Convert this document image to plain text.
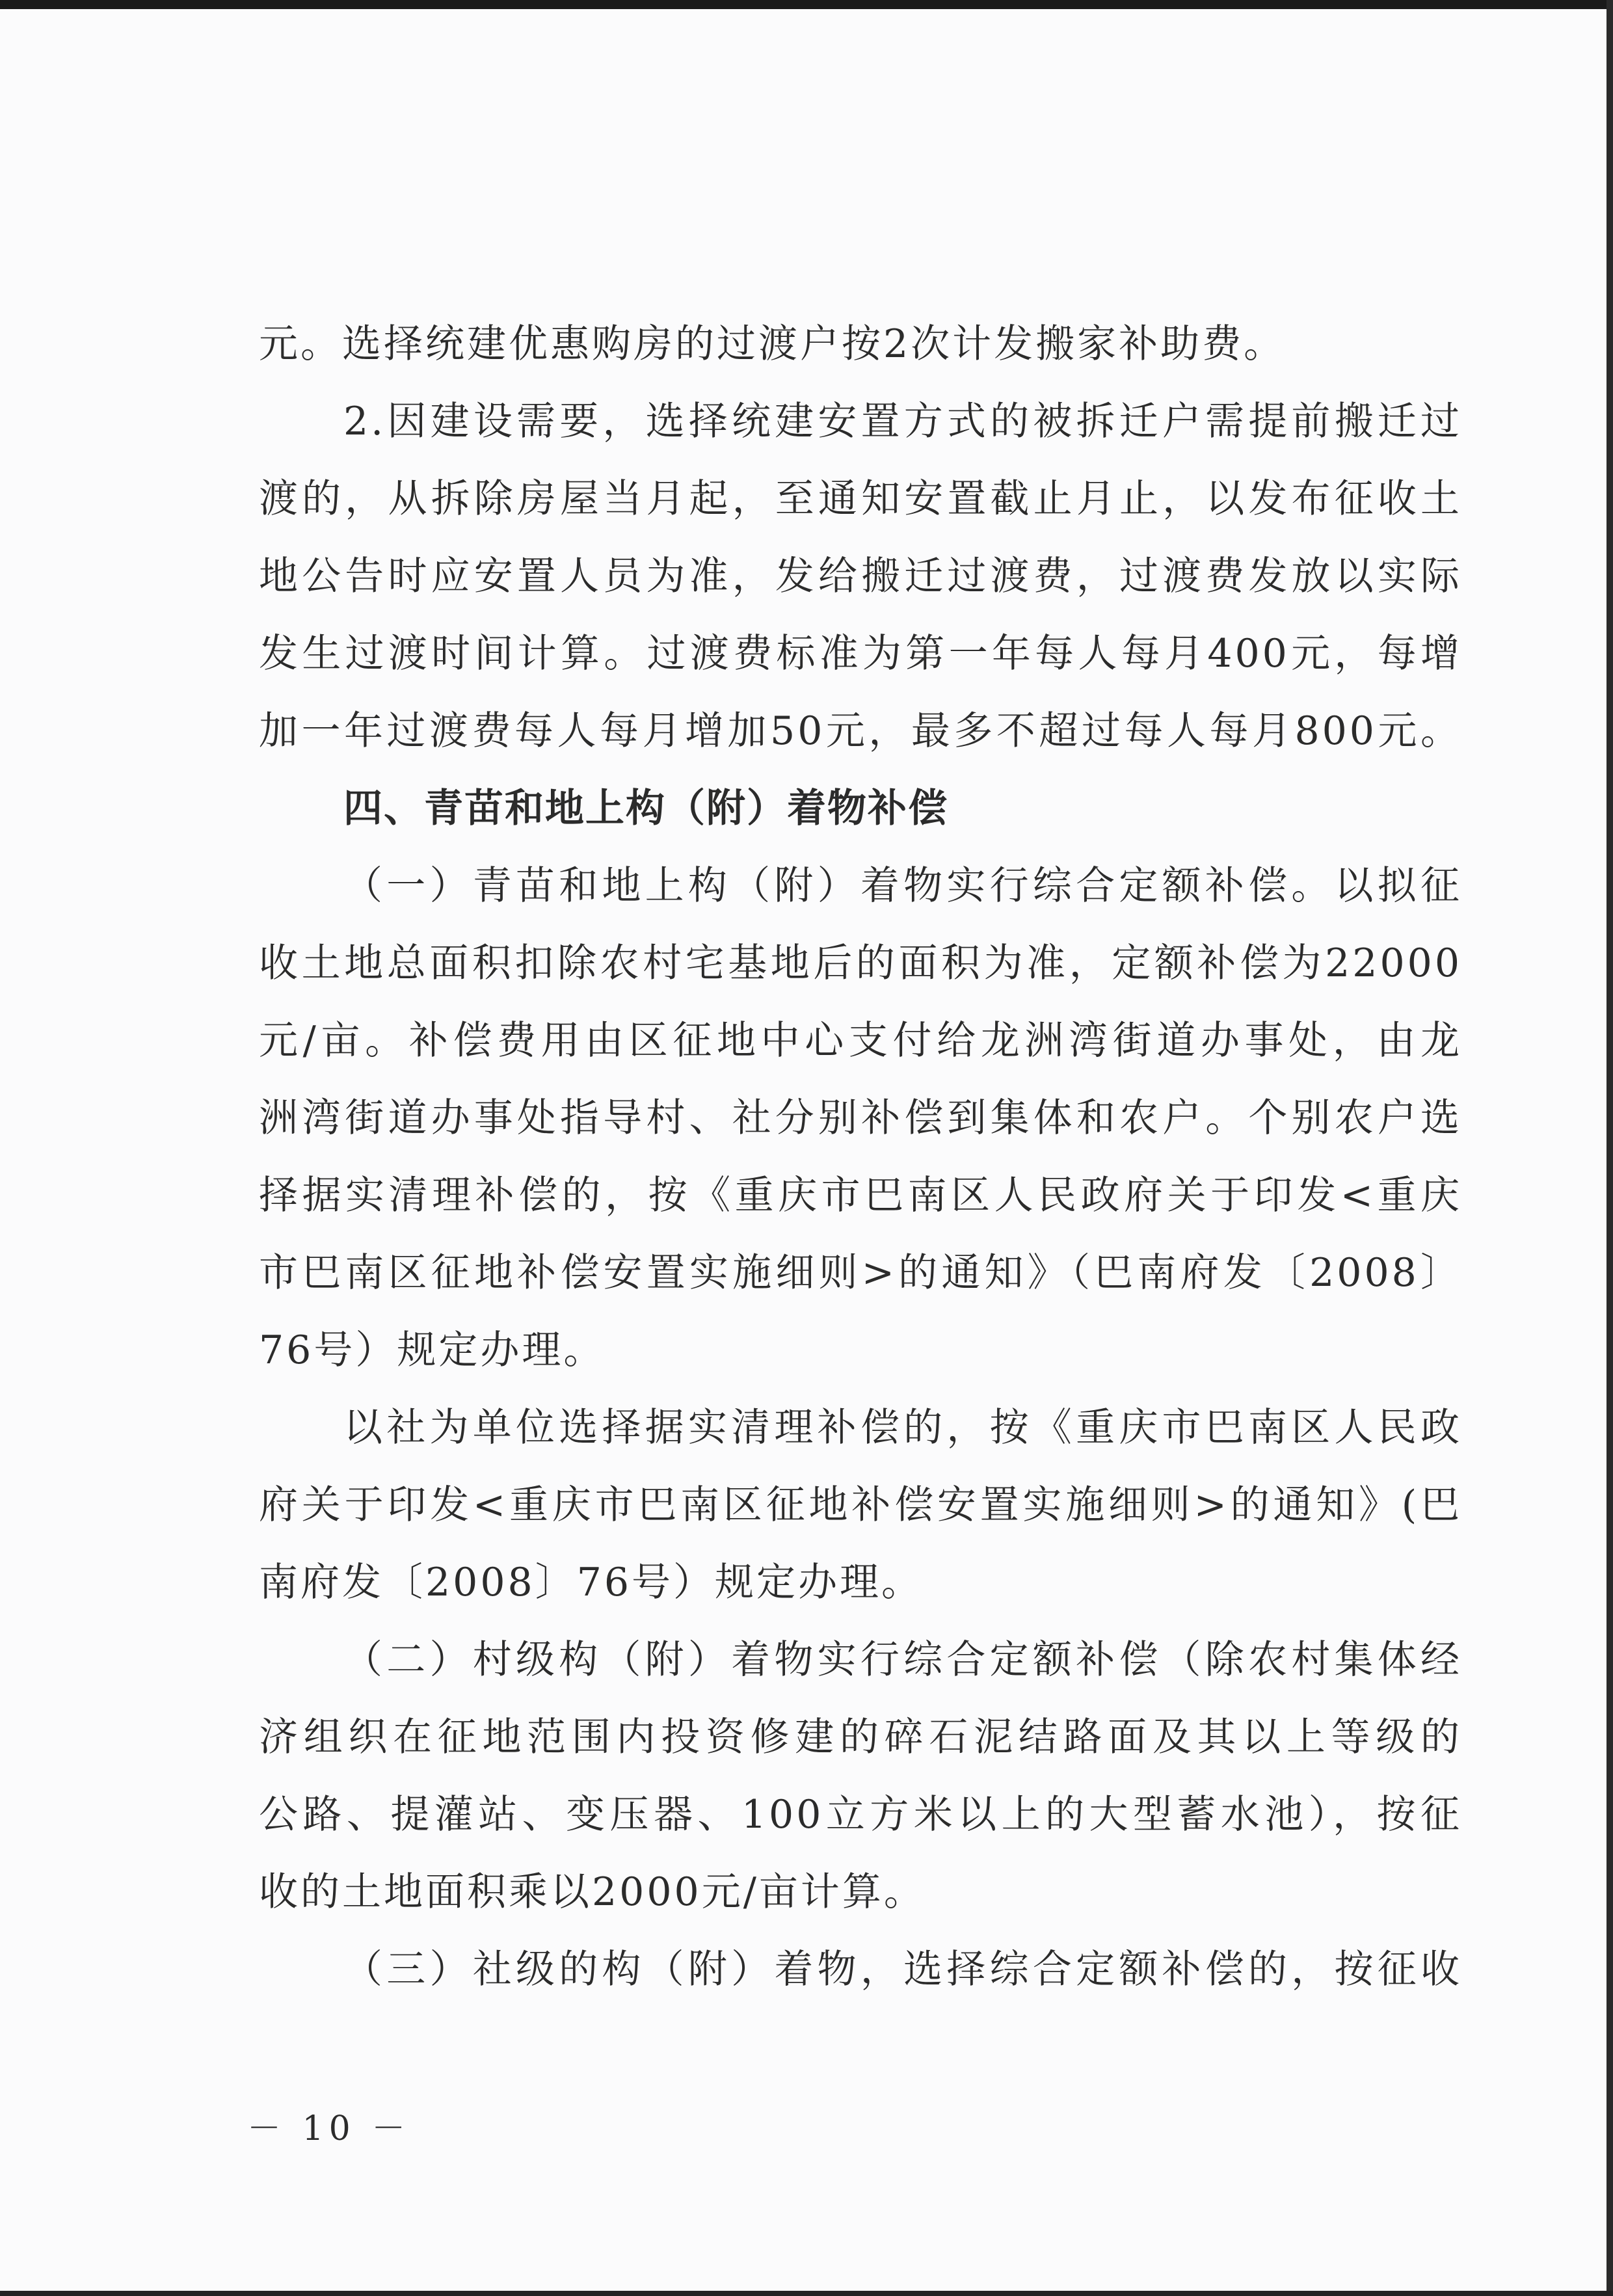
元。选择统建优惠购房的过渡户按2次计发搬家补助费。

2.因建设需要，选择统建安置方式的被拆迁户需提前搬迁过

渡的，从拆除房屋当月起，至通知安置截止月止，以发布征收土

地公告时应安置人员为准，发给搬迁过渡费，过渡费发放以实际

发生过渡时间计算。过渡费标准为第一年每人每月400元，每增

加一年过渡费每人每月增加50元，最多不超过每人每月800元。

四、青苗和地上构（附）着物补偿

（一）青苗和地上构（附）着物实行综合定额补偿。以拟征

收土地总面积扣除农村宅基地后的面积为准，定额补偿为22000

元/亩。补偿费用由区征地中心支付给龙洲湾街道办事处，由龙

洲湾街道办事处指导村、社分别补偿到集体和农户。个别农户选

择据实清理补偿的，按《重庆市巴南区人民政府关于印发<重庆

市巴南区征地补偿安置实施细则>的通知》（巴南府发〔2008〕

76号）规定办理。

以社为单位选择据实清理补偿的，按《重庆市巴南区人民政

府关于印发<重庆市巴南区征地补偿安置实施细则>的通知》(巴

南府发〔2008〕76号）规定办理。

（二）村级构（附）着物实行综合定额补偿（除农村集体经

济组织在征地范围内投资修建的碎石泥结路面及其以上等级的

公路、提灌站、变压器、100立方米以上的大型蓄水池），按征

收的土地面积乘以2000元/亩计算。

（三）社级的构（附）着物，选择综合定额补偿的，按征收

－ 10 －
